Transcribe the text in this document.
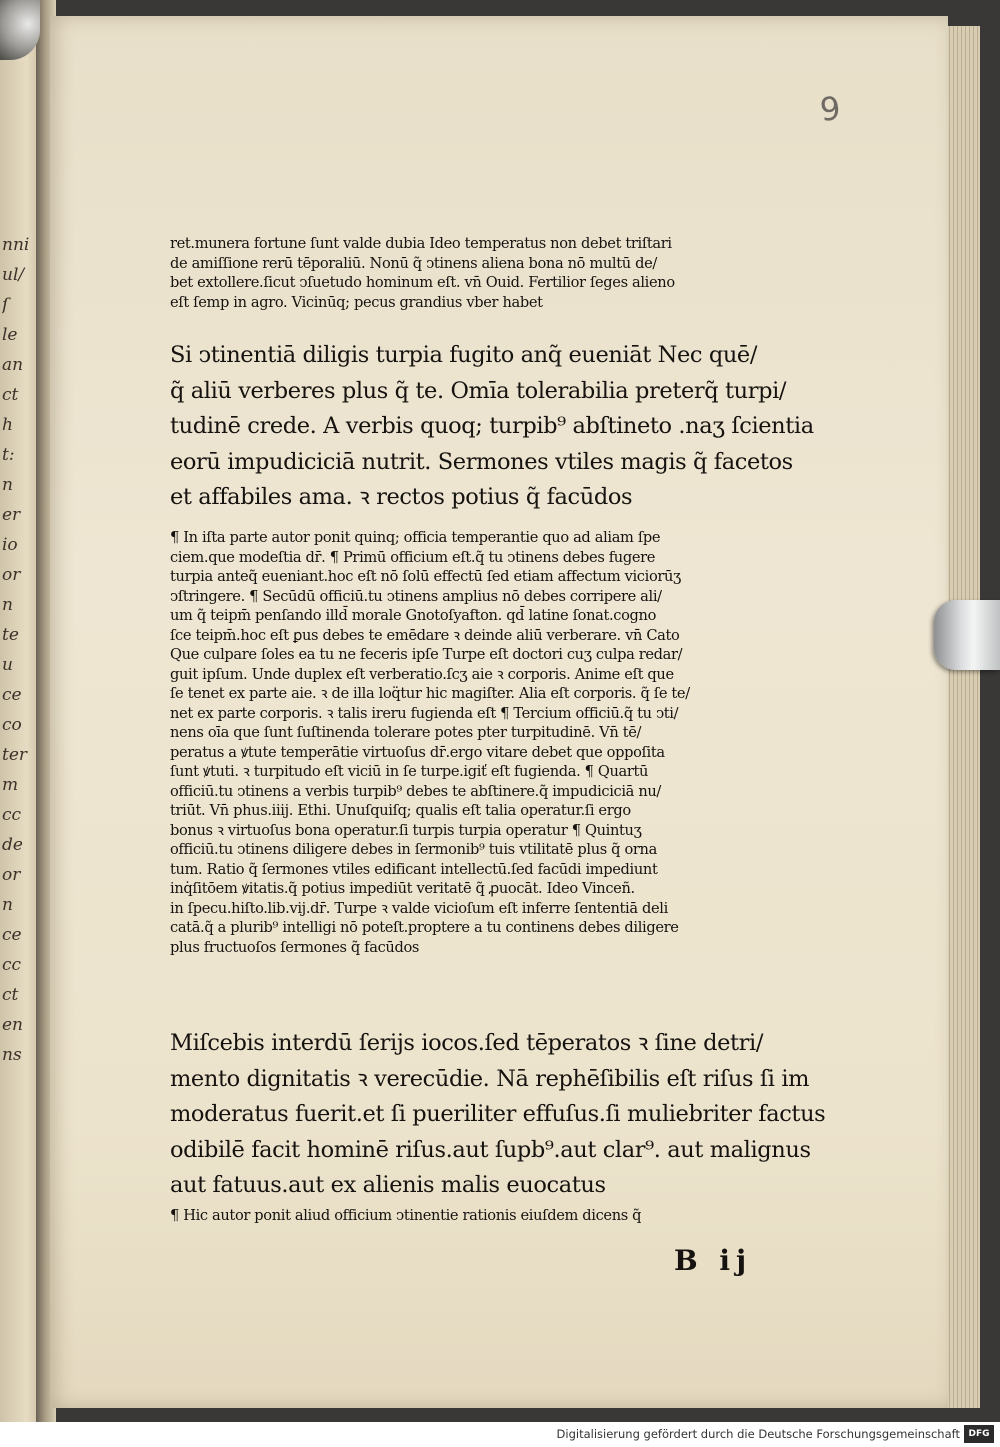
nni
ul/
ſ
le
an
ct
h
t:
n
er
io
or
n
te
u
ce
co
ter
m
cc
de
or
n
ce
cc
ct
en
ns
9
ret.munera fortune ſunt valde dubia Ideo temperatus non debet triſtari
de amiſſione rerū tēporaliū. Nonū q̃ ↄtinens aliena bona nō multū de/
bet extollere.ſicut ↄſuetudo hominum eſt. vn̄ Ouid. Fertilior ſeges alieno
eſt ſemp in agro. Vicinūq; pecus grandius vber habet
Si ↄtinentiā diligis turpia fugito anq̃ eueniāt Nec quē/
q̃ aliū verberes plus q̃ te. Omīa tolerabilia preterq̃ turpi/
tudinē crede. A verbis quoq; turpib⁹ abſtineto .naʒ ſcientia
eorū impudiciciā nutrit. Sermones vtiles magis q̃ facetos
et affabiles ama. ꝛ rectos potius q̃ facūdos
¶ In iſta parte autor ponit quinq; officia temperantie quo ad aliam ſpe
ciem.que modeſtia dr̄. ¶ Primū officium eſt.q̃ tu ↄtinens debes fugere
turpia anteq̃ eueniant.hoc eſt nō ſolū effectū ſed etiam affectum viciorūʒ
ↄſtringere. ¶ Secūdū officiū.tu ↄtinens amplius nō debes corripere ali/
um q̃ teipm̄ penſando illd̄ morale Gnotoſyafton. qd̄ latine ſonat.cogno
ſce teipm̄.hoc eſt ꝑus debes te emēdare ꝛ deinde aliū verberare. vn̄ Cato
Que culpare ſoles ea tu ne feceris ipſe Turpe eſt doctori cuʒ culpa redar/
guit ipſum. Unde duplex eſt verberatio.ſcʒ aie ꝛ corporis. Anime eſt que
ſe tenet ex parte aie. ꝛ de illa loq̈tur hic magiſter. Alia eſt corporis. q̃ ſe te/
net ex parte corporis. ꝛ talis ireru fugienda eſt ¶ Tercium officiū.q̃ tu ↄti/
nens oīa que ſunt ſuſtinenda tolerare potes pter turpitudinē. Vn̄ tē/
peratus a ꝟtute temperātie virtuoſus dr̄.ergo vitare debet que oppoſita
ſunt ꝟtuti. ꝛ turpitudo eſt viciū in ſe turpe.igiť eſt fugienda. ¶ Quartū
officiū.tu ↄtinens a verbis turpib⁹ debes te abſtinere.q̃ impudiciciā nu/
triūt. Vn̄ phus.iiij. Ethi. Unuſquiſq; qualis eſt talia operatur.ſi ergo
bonus ꝛ virtuoſus bona operatur.ſi turpis turpia operatur ¶ Quintuʒ
officiū.tu ↄtinens diligere debes in ſermonib⁹ tuis vtilitatē plus q̃ orna
tum. Ratio q̃ ſermones vtiles edificant intellectū.ſed facūdi impediunt
inq̇ſitōem ꝟitatis.q̃ potius impediūt veritatē q̃ ꝓuocāt. Ideo Vinceñ.
in ſpecu.hiſto.lib.vij.dr̄. Turpe ꝛ valde vicioſum eſt inferre ſententiā deli
catā.q̃ a plurib⁹ intelligi nō poteſt.proptere a tu continens debes diligere
plus fructuoſos ſermones q̃ facūdos
Miſcebis interdū ſerijs iocos.ſed tēperatos ꝛ ſine detri/
mento dignitatis ꝛ verecūdie. Nā rephēſibilis eſt riſus ſi im
moderatus fuerit.et ſi pueriliter effuſus.ſi muliebriter factus
odibilē facit hominē riſus.aut ſupb⁹.aut clar⁹. aut malignus
aut fatuus.aut ex alienis malis euocatus
¶ Hic autor ponit aliud officium ↄtinentie rationis eiuſdem dicens q̃
B ij
Digitalisierung gefördert durch die Deutsche Forschungsgemeinschaft DFG
